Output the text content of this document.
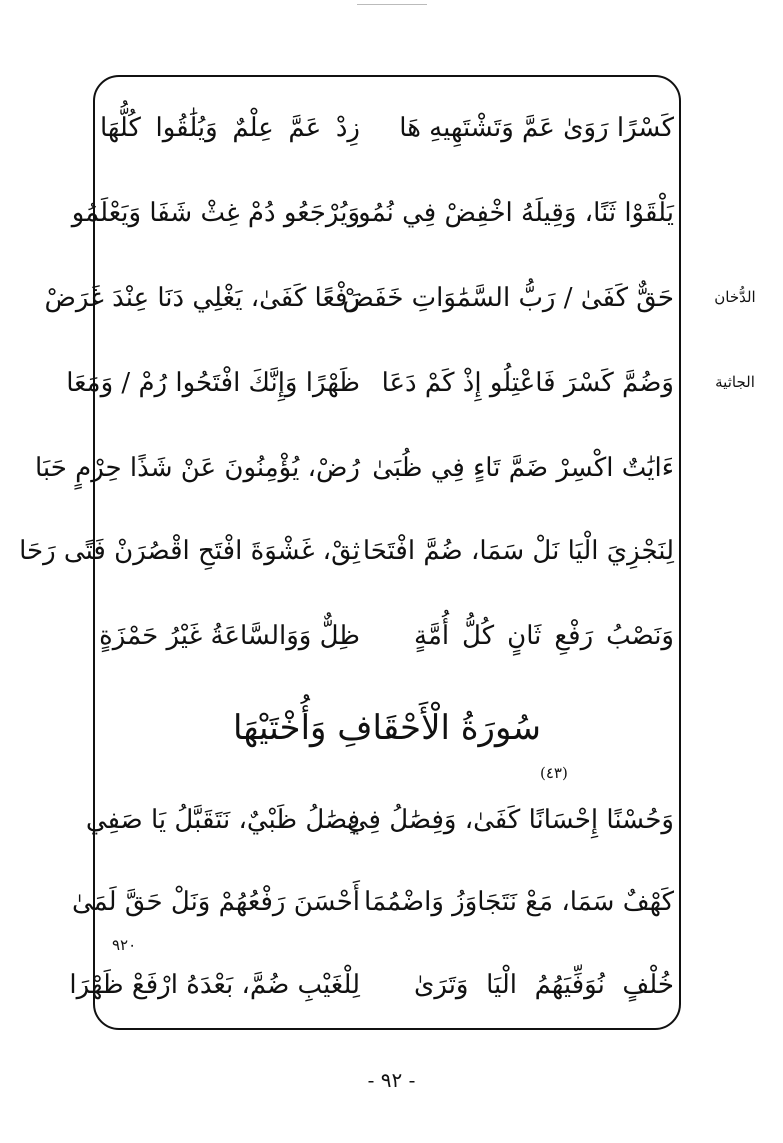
كَسْرًا رَوَىٰ عَمَّ وَتَشْتَهِيهِ هَا
زِدْ عَمَّ عِلْمٌ وَيُلَٰقُوا كُلُّهَا
يَلْقَوْا ثَنًا، وَقِيلَهُ اخْفِضْ فِي نُمُو
وَيُرْجَعُو دُمْ غِثْ شَفَا وَيَعْلَمُو
حَقٌّ كَفَىٰ / رَبُّ السَّمَٰوَاتِ خَفَضْ
رَفْعًا كَفَىٰ، يَغْلِي دَنَا عِنْدَ غَرَضْ
وَضُمَّ كَسْرَ فَاعْتِلُو إِذْ كَمْ دَعَا
ظَهْرًا وَإِنَّكَ افْتَحُوا رُمْ / وَمَعَا
ءَايَٰتٌ اكْسِرْ ضَمَّ تَاءٍ فِي ظُبَىٰ
رُضْ، يُؤْمِنُونَ عَنْ شَذًا حِرْمٍ حَبَا
لِنَجْزِيَ الْيَا نَلْ سَمَا، ضُمَّ افْتَحَا
ثِقْ، غَشْوَةَ افْتَحِ اقْصُرَنْ فَتًى رَحَا
وَنَصْبُ رَفْعِ ثَانٍ كُلُّ أُمَّةٍ
ظِلٌّ وَوَالسَّاعَةُ غَيْرُ حَمْزَةٍ
الدُّخان
الجاثية
سُورَةُ الْأَحْقَافِ وَأُخْتَيْهَا
(٤٣)
وَحُسْنًا إِحْسَانًا كَفَىٰ، وَفِصَٰلُ فِي
فِصَٰلُ ظَبْيٌ، نَتَقَبَّلُ يَا صَفِي
كَهْفٌ سَمَا، مَعْ نَتَجَاوَزُ وَاضْمُمَا
أَحْسَنَ رَفْعُهُمْ وَنَلْ حَقَّ لَمَىٰ
٩٢٠
خُلْفٍ نُوَفِّيَهُمُ الْيَا وَتَرَىٰ
لِلْغَيْبِ ضُمَّ، بَعْدَهُ ارْفَعْ ظَهْرَا
- ٩٢ -
